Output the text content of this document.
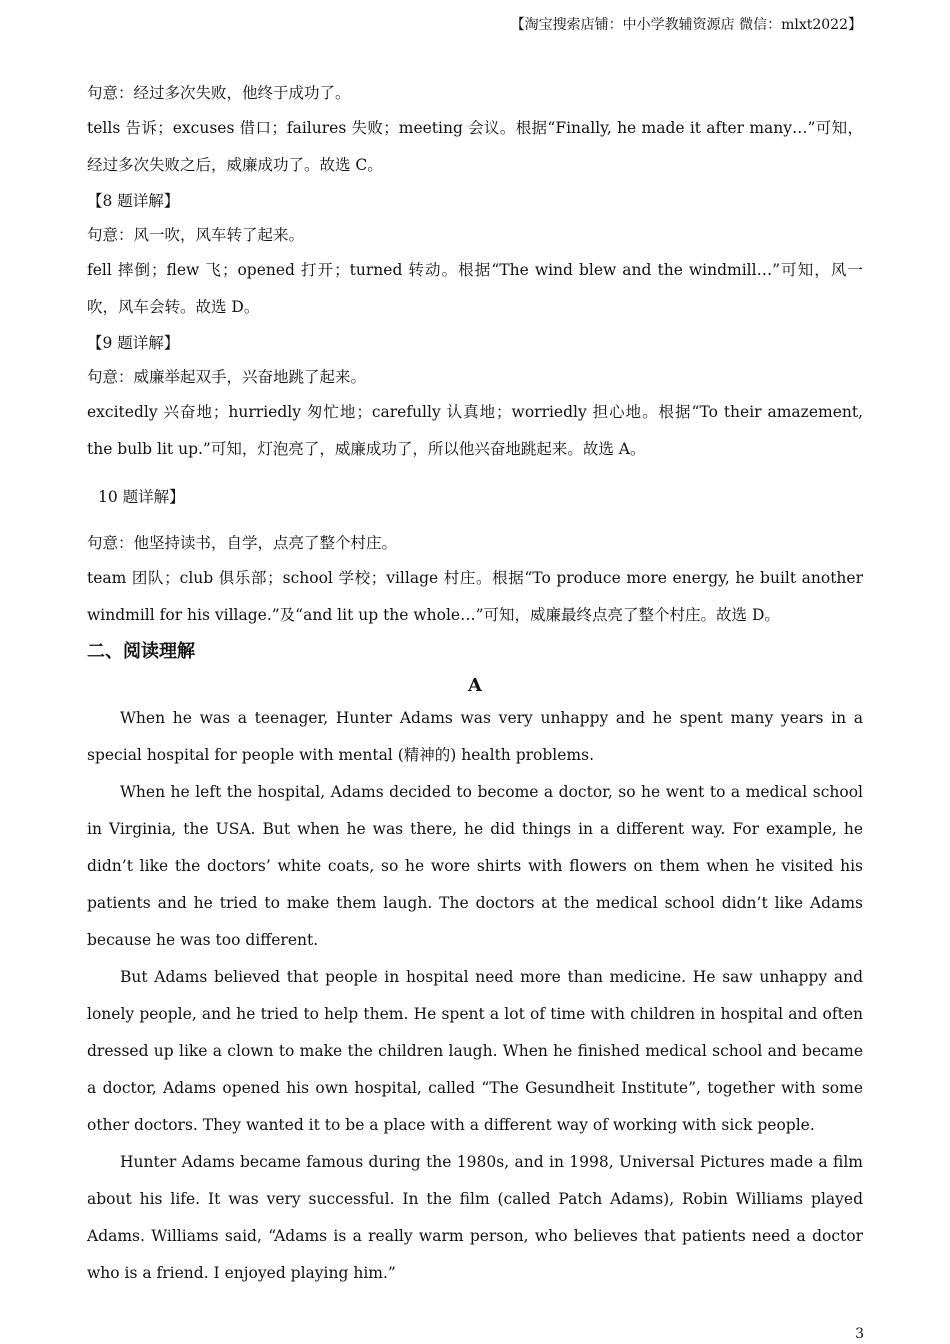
【淘宝搜索店铺：中小学教辅资源店 微信：mlxt2022】
句意：经过多次失败，他终于成功了。

tells 告诉；excuses 借口；failures 失败；meeting 会议。根据“Finally, he made it after many…”可知，经过多次失败之后，威廉成功了。故选 C。

【8 题详解】
句意：风一吹，风车转了起来。

fell 摔倒；flew 飞；opened 打开；turned 转动。根据“The wind blew and the windmill…”可知，风一吹，风车会转。故选 D。

【9 题详解】
句意：威廉举起双手，兴奋地跳了起来。

excitedly 兴奋地；hurriedly 匆忙地；carefully 认真地；worriedly 担心地。根据“To their amazement, the bulb lit up.”可知，灯泡亮了，威廉成功了，所以他兴奋地跳起来。故选 A。

10 题详解】
句意：他坚持读书，自学，点亮了整个村庄。

team 团队；club 俱乐部；school 学校；village 村庄。根据“To produce more energy, he built another windmill for his village.”及“and lit up the whole…”可知，威廉最终点亮了整个村庄。故选 D。

二、阅读理解
A

When he was a teenager, Hunter Adams was very unhappy and he spent many years in a special hospital for people with mental (精神的) health problems.

When he left the hospital, Adams decided to become a doctor, so he went to a medical school in Virginia, the USA. But when he was there, he did things in a different way. For example, he didn’t like the doctors’ white coats, so he wore shirts with flowers on them when he visited his patients and he tried to make them laugh. The doctors at the medical school didn’t like Adams because he was too different.

But Adams believed that people in hospital need more than medicine. He saw unhappy and lonely people, and he tried to help them. He spent a lot of time with children in hospital and often dressed up like a clown to make the children laugh. When he finished medical school and became a doctor, Adams opened his own hospital, called “The Gesundheit Institute”, together with some other doctors. They wanted it to be a place with a different way of working with sick people.

Hunter Adams became famous during the 1980s, and in 1998, Universal Pictures made a film about his life. It was very successful. In the film (called Patch Adams), Robin Williams played Adams. Williams said, “Adams is a really warm person, who believes that patients need a doctor who is a friend. I enjoyed playing him.”

3
